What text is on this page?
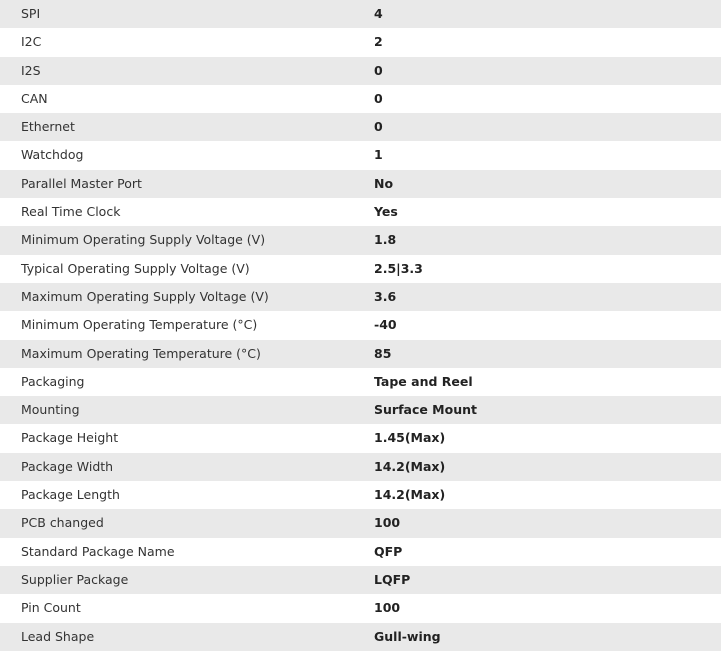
SPI	4
I2C	2
I2S	0
CAN	0
Ethernet	0
Watchdog	1
Parallel Master Port	No
Real Time Clock	Yes
Minimum Operating Supply Voltage (V)	1.8
Typical Operating Supply Voltage (V)	2.5|3.3
Maximum Operating Supply Voltage (V)	3.6
Minimum Operating Temperature (°C)	-40
Maximum Operating Temperature (°C)	85
Packaging	Tape and Reel
Mounting	Surface Mount
Package Height	1.45(Max)
Package Width	14.2(Max)
Package Length	14.2(Max)
PCB changed	100
Standard Package Name	QFP
Supplier Package	LQFP
Pin Count	100
Lead Shape	Gull-wing
